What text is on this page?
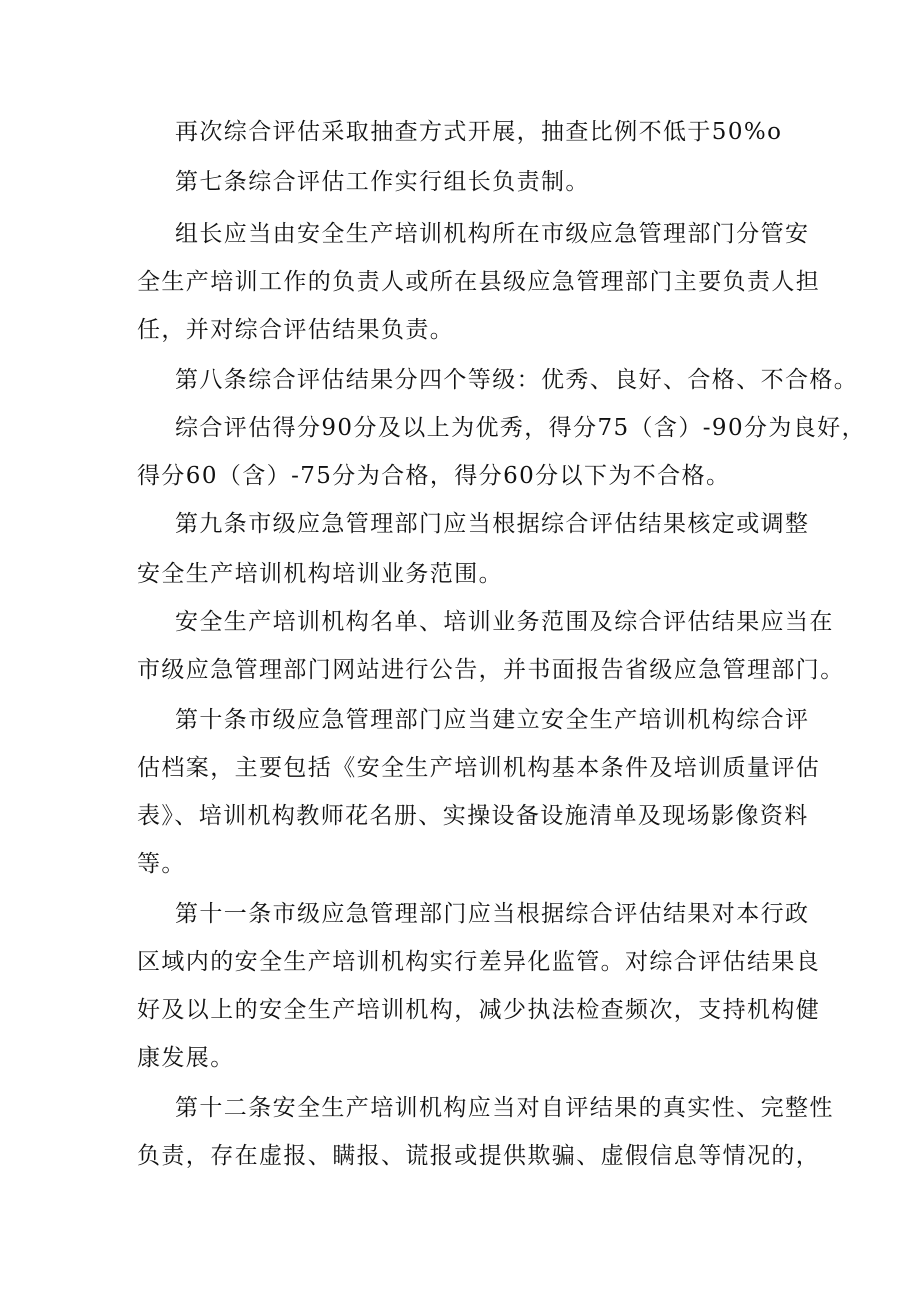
再次综合评估采取抽查方式开展，抽查比例不低于50%o
第七条综合评估工作实行组长负责制。
组长应当由安全生产培训机构所在市级应急管理部门分管安
全生产培训工作的负责人或所在县级应急管理部门主要负责人担
任，并对综合评估结果负责。
第八条综合评估结果分四个等级：优秀、良好、合格、不合格。
综合评估得分90分及以上为优秀，得分75（含）-90分为良好，
得分60（含）-75分为合格，得分60分以下为不合格。
第九条市级应急管理部门应当根据综合评估结果核定或调整
安全生产培训机构培训业务范围。
安全生产培训机构名单、培训业务范围及综合评估结果应当在
市级应急管理部门网站进行公告，并书面报告省级应急管理部门。
第十条市级应急管理部门应当建立安全生产培训机构综合评
估档案，主要包括《安全生产培训机构基本条件及培训质量评估
表》、培训机构教师花名册、实操设备设施清单及现场影像资料
等。
第十一条市级应急管理部门应当根据综合评估结果对本行政
区域内的安全生产培训机构实行差异化监管。对综合评估结果良
好及以上的安全生产培训机构，减少执法检查频次，支持机构健
康发展。
第十二条安全生产培训机构应当对自评结果的真实性、完整性
负责，存在虚报、瞒报、谎报或提供欺骗、虚假信息等情况的，
